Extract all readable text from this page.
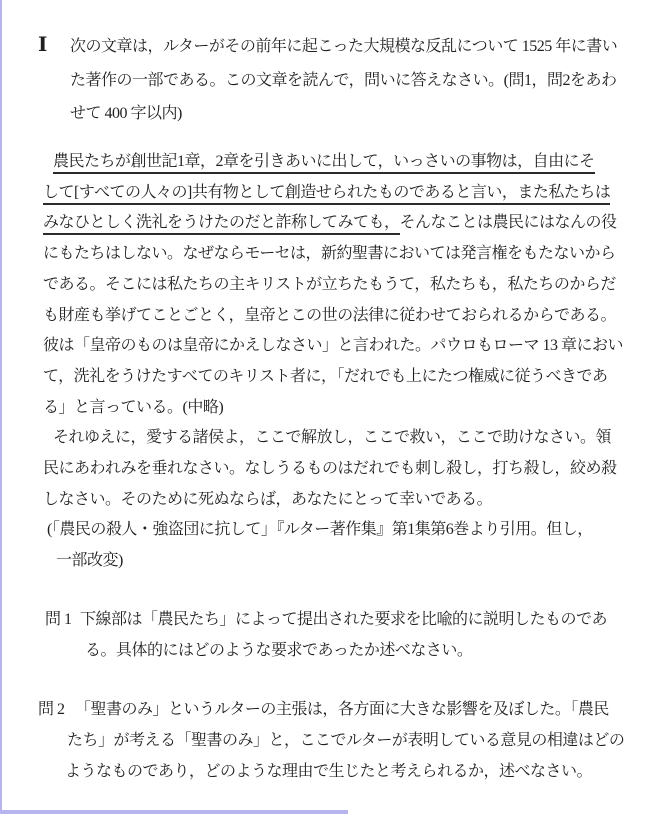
Ⅰ 次の文章は，ルターがその前年に起こった大規模な反乱について 1525 年に書い
た著作の一部である。この文章を読んで，問いに答えなさい。(問1，問2をあわ
せて 400 字以内)
農民たちが創世記1章，2章を引きあいに出して，いっさいの事物は，自由にそ
して[すべての人々の]共有物として創造せられたものであると言い，また私たちは
みなひとしく洗礼をうけたのだと詐称してみても，そんなことは農民にはなんの役
にもたちはしない。なぜならモーセは，新約聖書においては発言権をもたないから
である。そこには私たちの主キリストが立ちたもうて，私たちも，私たちのからだ
も財産も挙げてことごとく，皇帝とこの世の法律に従わせておられるからである。
彼は「皇帝のものは皇帝にかえしなさい」と言われた。パウロもローマ 13 章におい
て，洗礼をうけたすべてのキリスト者に，「だれでも上にたつ権威に従うべきであ
る」と言っている。(中略)
それゆえに，愛する諸侯よ，ここで解放し，ここで救い，ここで助けなさい。領
民にあわれみを垂れなさい。なしうるものはだれでも刺し殺し，打ち殺し，絞め殺
しなさい。そのために死ぬならば，あなたにとって幸いである。
(「農民の殺人・強盗団に抗して」『ルター著作集』第1集第6巻より引用。但し，
一部改変)
問 1 下線部は「農民たち」によって提出された要求を比喩的に説明したものであ
る。具体的にはどのような要求であったか述べなさい。
問 2 「聖書のみ」というルターの主張は，各方面に大きな影響を及ぼした。「農民
たち」が考える「聖書のみ」と，ここでルターが表明している意見の相違はどの
ようなものであり，どのような理由で生じたと考えられるか，述べなさい。
